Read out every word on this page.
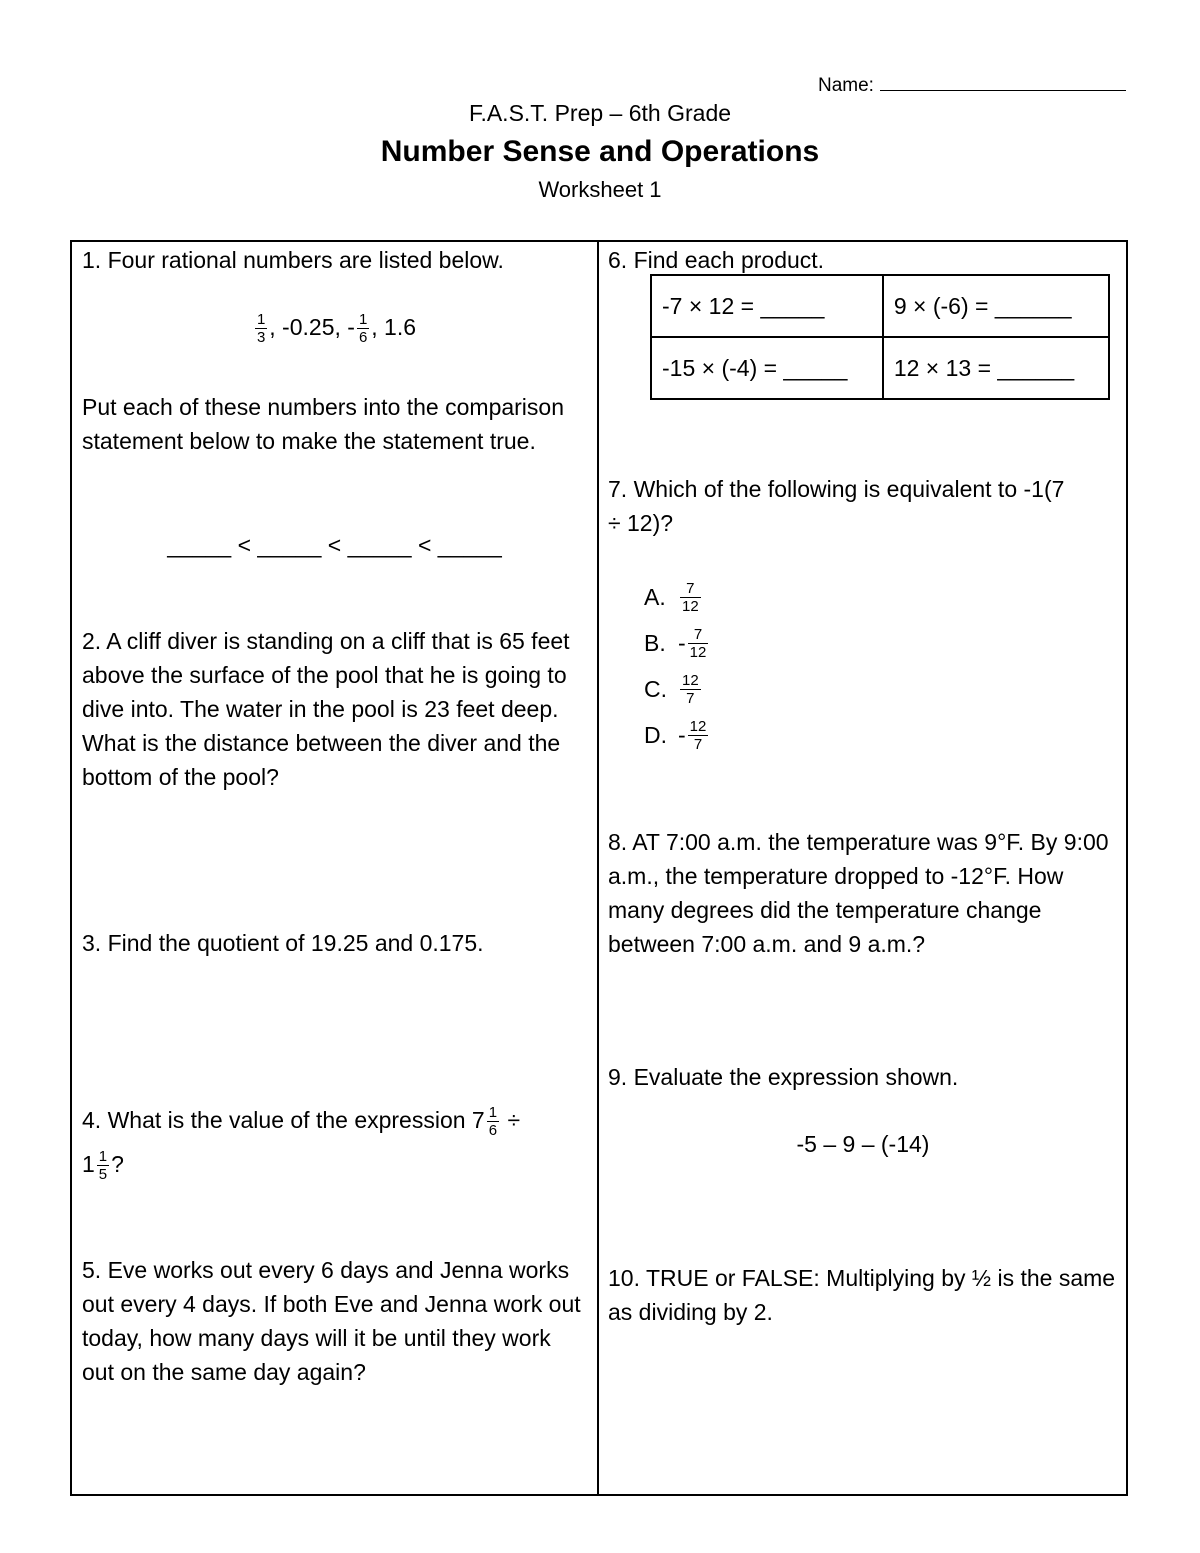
Name:
F.A.S.T. Prep – 6th Grade
Number Sense and Operations
Worksheet 1
1. Four rational numbers are listed below.
$\frac{1}{3}$ , -0.25, - $\frac{1}{6}$ , 1.6
Put each of these numbers into the comparison statement below to make the statement true.
_____ < _____ < _____ < _____
2. A cliff diver is standing on a cliff that is 65 feet above the surface of the pool that he is going to dive into. The water in the pool is 23 feet deep. What is the distance between the diver and the bottom of the pool?
3. Find the quotient of 19.25 and 0.175.
4. What is the value of the expression $7 \frac{1}{6}$ ÷
$1 \frac{1}{5}$ ?
5. Eve works out every 6 days and Jenna works out every 4 days. If both Eve and Jenna work out today, how many days will it be until they work out on the same day again?
6. Find each product.
-7 × 12 = _____	9 × (-6) = ______
-15 × (-4) = _____	12 × 13 = ______
7. Which of the following is equivalent to -1(7 ÷ 12)?
A. $\frac{7}{12}$
B. - $\frac{7}{12}$
C. $\frac{12}{7}$
D. - $\frac{12}{7}$
8. AT 7:00 a.m. the temperature was 9°F. By 9:00 a.m., the temperature dropped to -12°F. How many degrees did the temperature change between 7:00 a.m. and 9 a.m.?
9. Evaluate the expression shown.
-5 – 9 – (-14)
10. TRUE or FALSE: Multiplying by ½ is the same as dividing by 2.
